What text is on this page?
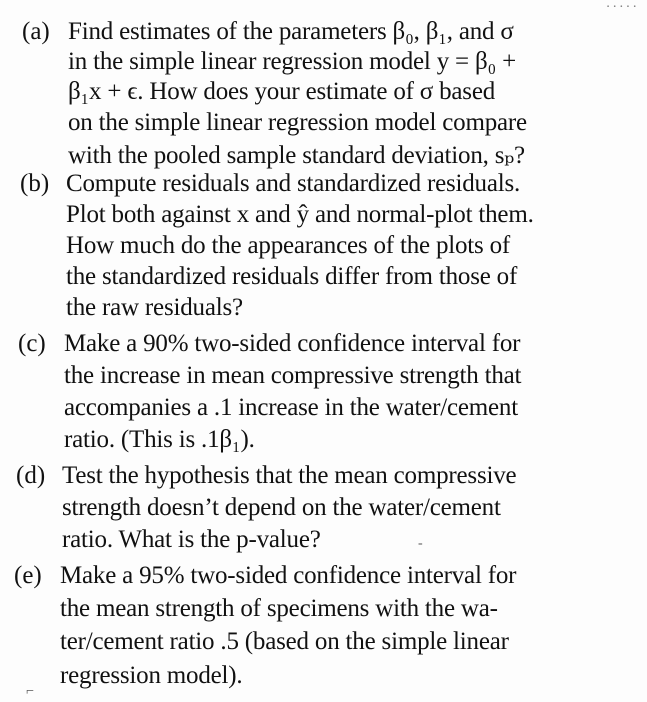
·····
(a) Find estimates of the parameters β₀, β₁, and σ
in the simple linear regression model y = β₀ +
β₁x + ϵ. How does your estimate of σ based
on the simple linear regression model compare
with the pooled sample standard deviation, sₚ?
(b) Compute residuals and standardized residuals.
Plot both against x and ŷ and normal-plot them.
How much do the appearances of the plots of
the standardized residuals differ from those of
the raw residuals?
(c) Make a 90% two-sided confidence interval for
the increase in mean compressive strength that
accompanies a .1 increase in the water/cement
ratio. (This is .1β₁).
(d) Test the hypothesis that the mean compressive
strength doesn’t depend on the water/cement
ratio. What is the p-value?	-
(e) Make a 95% two-sided confidence interval for
the mean strength of specimens with the wa-
ter/cement ratio .5 (based on the simple linear
regression model).
⌐
